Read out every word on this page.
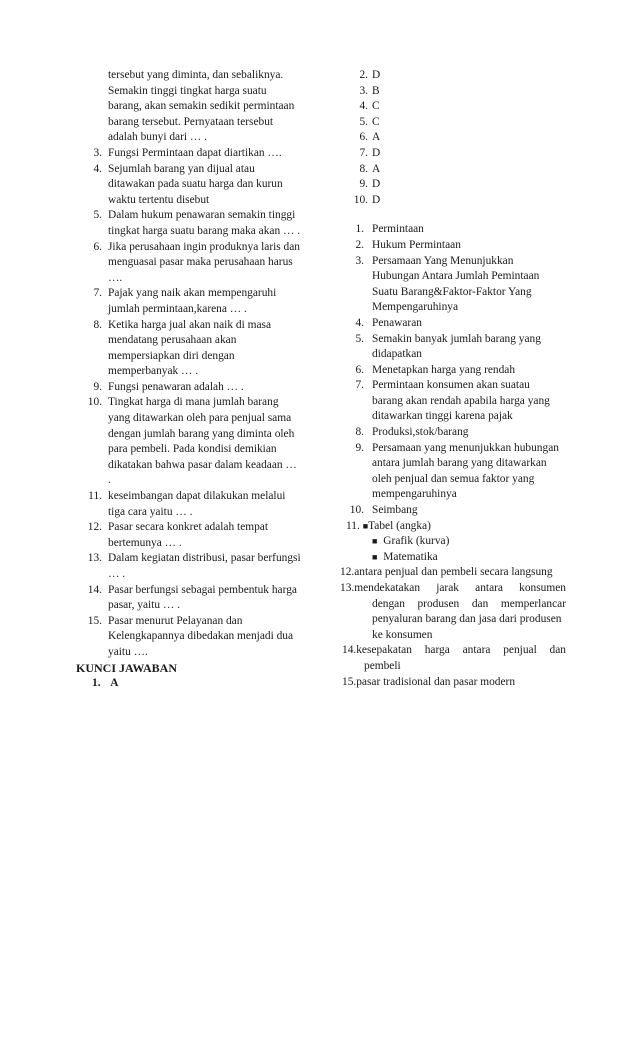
tersebut yang diminta, dan sebaliknya.
Semakin tinggi tingkat harga suatu
barang, akan semakin sedikit permintaan
barang tersebut. Pernyataan tersebut
adalah bunyi dari … .
3. Fungsi Permintaan dapat diartikan ….
4. Sejumlah barang yan dijual atau
ditawakan pada suatu harga dan kurun
waktu tertentu disebut
5. Dalam hukum penawaran semakin tinggi
tingkat harga suatu barang maka akan … .
6. Jika perusahaan ingin produknya laris dan
menguasai pasar maka perusahaan harus
….
7. Pajak yang naik akan mempengaruhi
jumlah permintaan,karena … .
8. Ketika harga jual akan naik di masa
mendatang perusahaan akan
mempersiapkan diri dengan
memperbanyak … .
9. Fungsi penawaran adalah … .
10. Tingkat harga di mana jumlah barang
yang ditawarkan oleh para penjual sama
dengan jumlah barang yang diminta oleh
para pembeli. Pada kondisi demikian
dikatakan bahwa pasar dalam keadaan …
.
11. keseimbangan dapat dilakukan melalui
tiga cara yaitu … .
12. Pasar secara konkret adalah tempat
bertemunya … .
13. Dalam kegiatan distribusi, pasar berfungsi
… .
14. Pasar berfungsi sebagai pembentuk harga
pasar, yaitu … .
15. Pasar menurut Pelayanan dan
Kelengkapannya dibedakan menjadi dua
yaitu ….
KUNCI JAWABAN
1. A
2. D
3. B
4. C
5. C
6. A
7. D
8. A
9. D
10. D
1. Permintaan
2. Hukum Permintaan
3. Persamaan Yang Menunjukkan
Hubungan Antara Jumlah Pemintaan
Suatu Barang&Faktor-Faktor Yang
Mempengaruhinya
4. Penawaran
5. Semakin banyak jumlah barang yang
didapatkan
6. Menetapkan harga yang rendah
7. Permintaan konsumen akan suatau
barang akan rendah apabila harga yang
ditawarkan tinggi karena pajak
8. Produksi,stok/barang
9. Persamaan yang menunjukkan hubungan
antara jumlah barang yang ditawarkan
oleh penjual dan semua faktor yang
mempengaruhinya
10. Seimbang
11. ■Tabel (angka)
■ Grafik (kurva)
■ Matematika
12.antara penjual dan pembeli secara langsung
13.mendekatakan jarak antara konsumen
dengan produsen dan memperlancar
penyaluran barang dan jasa dari produsen
ke konsumen
14.kesepakatan harga antara penjual dan
pembeli
15.pasar tradisional dan pasar modern
